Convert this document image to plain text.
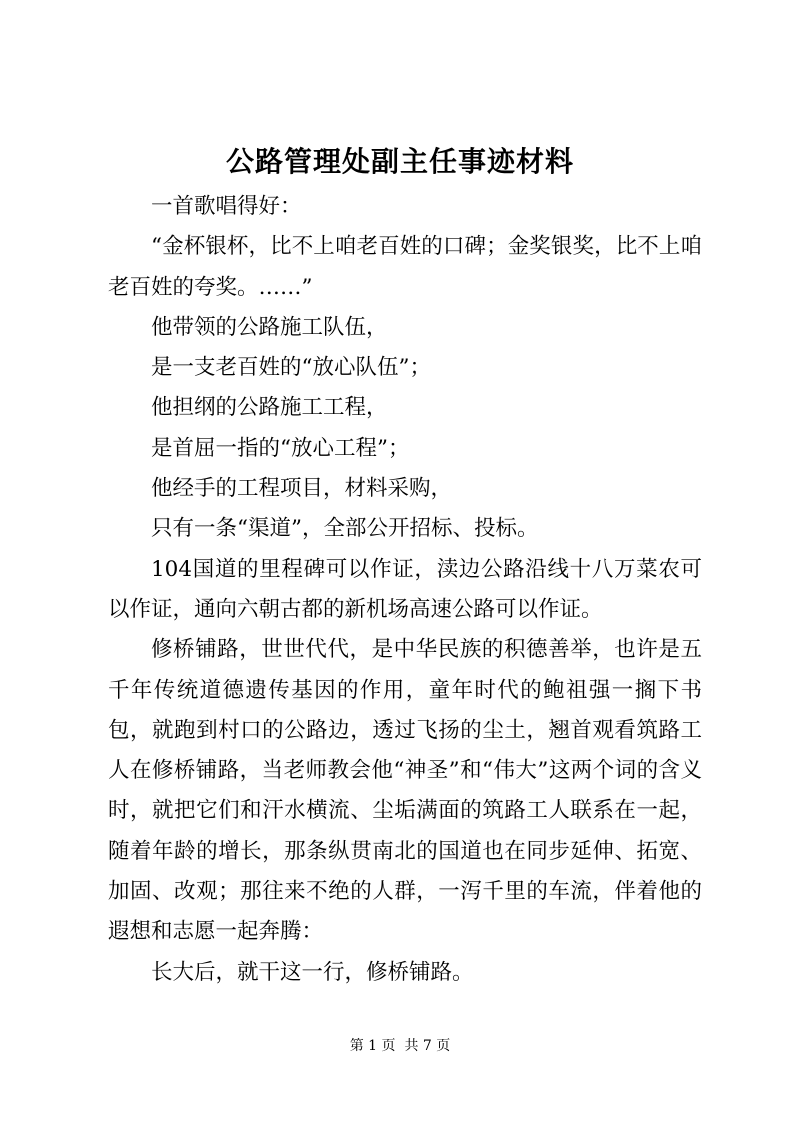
公路管理处副主任事迹材料

一首歌唱得好：

“金杯银杯，比不上咱老百姓的口碑；金奖银奖，比不上咱老百姓的夸奖。……”

他带领的公路施工队伍，

是一支老百姓的“放心队伍”；

他担纲的公路施工工程，

是首屈一指的“放心工程”；

他经手的工程项目，材料采购，

只有一条“渠道”，全部公开招标、投标。

104国道的里程碑可以作证，渎边公路沿线十八万菜农可以作证，通向六朝古都的新机场高速公路可以作证。

修桥铺路，世世代代，是中华民族的积德善举，也许是五千年传统道德遗传基因的作用，童年时代的鲍祖强一搁下书包，就跑到村口的公路边，透过飞扬的尘土，翘首观看筑路工人在修桥铺路，当老师教会他“神圣”和“伟大”这两个词的含义时，就把它们和汗水横流、尘垢满面的筑路工人联系在一起，随着年龄的增长，那条纵贯南北的国道也在同步延伸、拓宽、加固、改观；那往来不绝的人群，一泻千里的车流，伴着他的遐想和志愿一起奔腾：

长大后，就干这一行，修桥铺路。

第 1 页  共 7 页
